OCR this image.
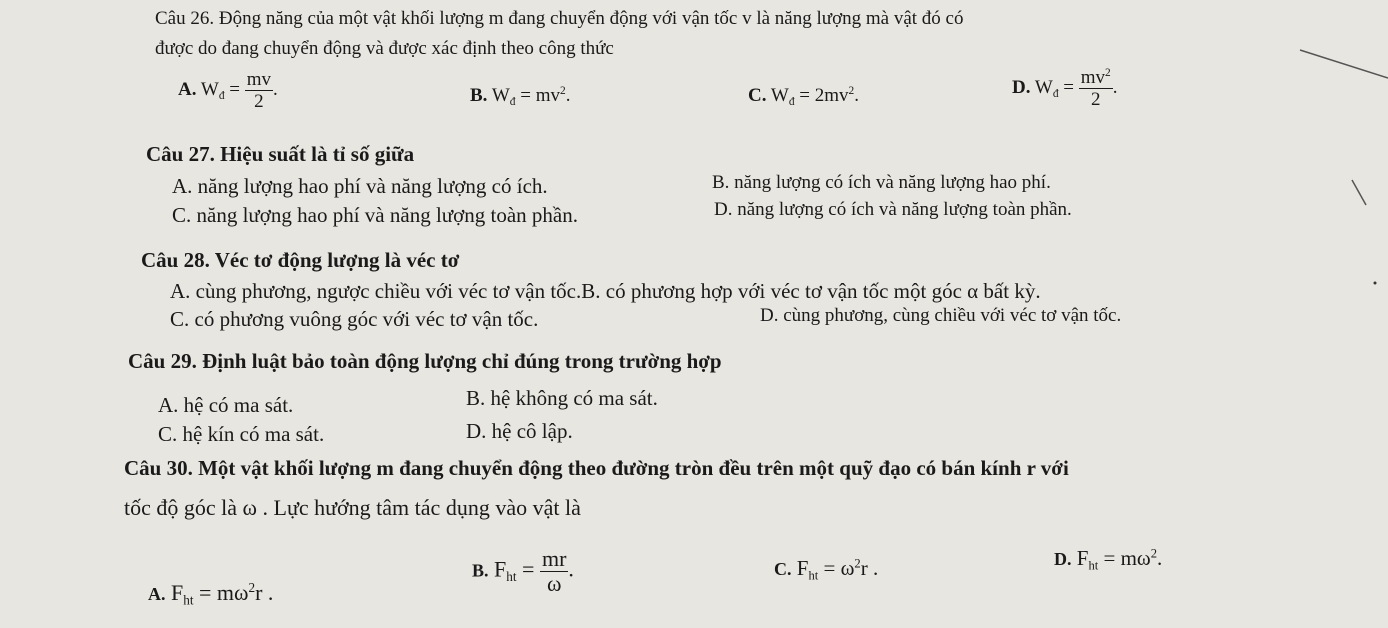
Câu 26. Động năng của một vật khối lượng m đang chuyển động với vận tốc v là năng lượng mà vật đó có
được do đang chuyển động và được xác định theo công thức
A. $W_đ = \frac{mv}{2}$ .	B. $W_đ = mv^2$.	C. $W_đ = 2mv^2$.	D. $W_đ = \frac{mv^2}{2}$ .
Câu 27. Hiệu suất là tỉ số giữa
A. năng lượng hao phí và năng lượng có ích.	B. năng lượng có ích và năng lượng hao phí.
C. năng lượng hao phí và năng lượng toàn phần.	D. năng lượng có ích và năng lượng toàn phần.
Câu 28. Véc tơ động lượng là véc tơ
A. cùng phương, ngược chiều với véc tơ vận tốc.B. có phương hợp với véc tơ vận tốc một góc α bất kỳ.
C. có phương vuông góc với véc tơ vận tốc.	D. cùng phương, cùng chiều với véc tơ vận tốc.
Câu 29. Định luật bảo toàn động lượng chỉ đúng trong trường hợp
A. hệ có ma sát.	B. hệ không có ma sát.
C. hệ kín có ma sát.	D. hệ cô lập.
Câu 30. Một vật khối lượng m đang chuyển động theo đường tròn đều trên một quỹ đạo có bán kính r với
tốc độ góc là ω . Lực hướng tâm tác dụng vào vật là
A. $F_{ht} = m\omega^2r$ .
B. $F_{ht} = \frac{mr}{\omega}$ .	C. $F_{ht} = \omega^2r$ .	D. $F_{ht} = m\omega^2$.
